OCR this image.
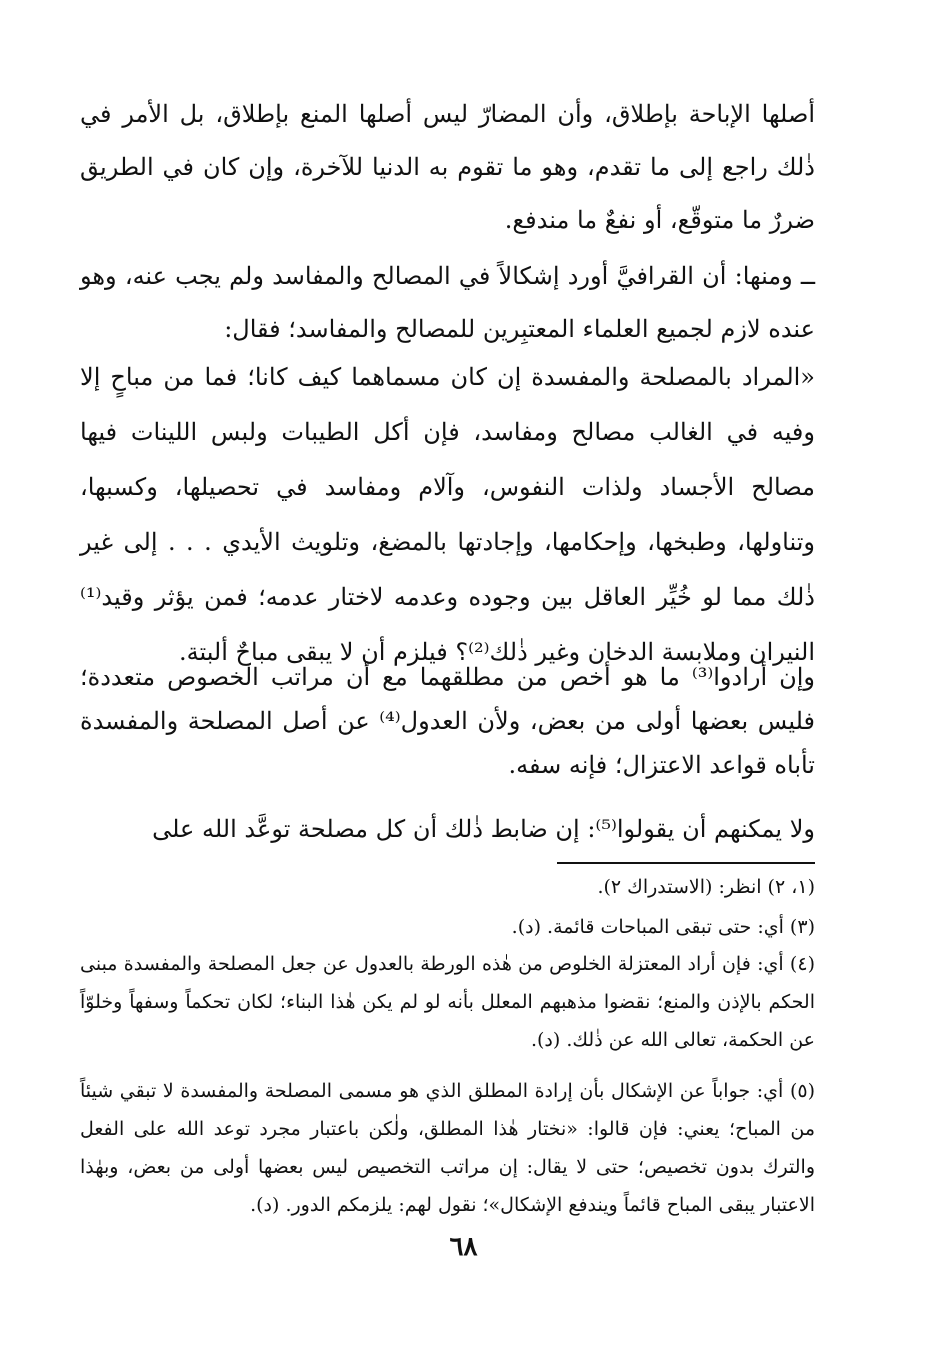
أصلها الإباحة بإطلاق، وأن المضارّ ليس أصلها المنع بإطلاق، بل الأمر في ذٰلك راجع إلى ما تقدم، وهو ما تقوم به الدنيا للآخرة، وإن كان في الطريق ضررٌ ما متوقّع، أو نفعٌ ما مندفع.

ــ ومنها: أن القرافيَّ أورد إشكالاً في المصالح والمفاسد ولم يجب عنه، وهو عنده لازم لجميع العلماء المعتبِرين للمصالح والمفاسد؛ فقال:

«المراد بالمصلحة والمفسدة إن كان مسماهما كيف كانا؛ فما من مباحٍ إلا وفيه في الغالب مصالح ومفاسد، فإن أكل الطيبات ولبس اللينات فيها مصالح الأجساد ولذات النفوس، وآلام ومفاسد في تحصيلها، وكسبها، وتناولها، وطبخها، وإحكامها، وإجادتها بالمضغ، وتلويث الأيدي . . . إلى غير ذٰلك مما لو خُيِّر العاقل بين وجوده وعدمه لاختار عدمه؛ فمن يؤثر وقيد⁽¹⁾ النيران وملابسة الدخان وغير ذٰلك⁽²⁾؟ فيلزم أن لا يبقى مباحٌ ألبتة.

وإن أرادوا⁽³⁾ ما هو أخص من مطلقهما مع أن مراتب الخصوص متعددة؛ فليس بعضها أولى من بعض، ولأن العدول⁽⁴⁾ عن أصل المصلحة والمفسدة تأباه قواعد الاعتزال؛ فإنه سفه.

ولا يمكنهم أن يقولوا⁽⁵⁾: إن ضابط ذٰلك أن كل مصلحة توعَّد الله على

(١، ٢) انظر: (الاستدراك ٢).

(٣) أي: حتى تبقى المباحات قائمة. (د).

(٤) أي: فإن أراد المعتزلة الخلوص من هٰذه الورطة بالعدول عن جعل المصلحة والمفسدة مبنى الحكم بالإذن والمنع؛ نقضوا مذهبهم المعلل بأنه لو لم يكن هٰذا البناء؛ لكان تحكماً وسفهاً وخلوّاً عن الحكمة، تعالى الله عن ذٰلك. (د).

(٥) أي: جواباً عن الإشكال بأن إرادة المطلق الذي هو مسمى المصلحة والمفسدة لا تبقي شيئاً من المباح؛ يعني: فإن قالوا: «نختار هٰذا المطلق، ولٰكن باعتبار مجرد توعد الله على الفعل والترك بدون تخصيص؛ حتى لا يقال: إن مراتب التخصيص ليس بعضها أولى من بعض، وبهٰذا الاعتبار يبقى المباح قائماً ويندفع الإشكال»؛ نقول لهم: يلزمكم الدور. (د).

٦٨
